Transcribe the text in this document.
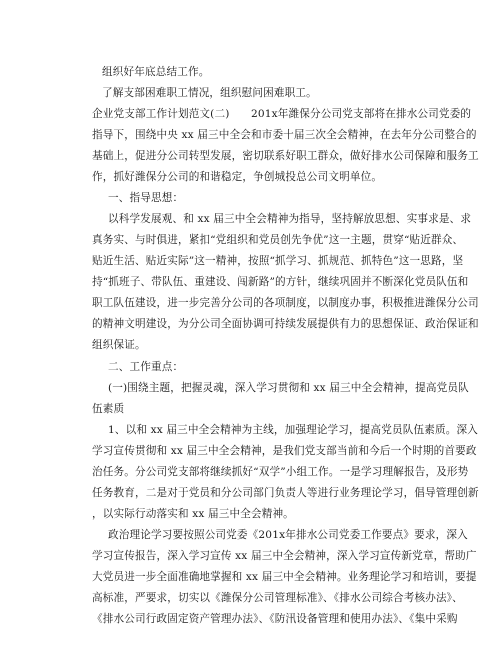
组织好年底总结工作。
了解支部困难职工情况，组织慰问困难职工。
企业党支部工作计划范文(二)　　201x年潍保分公司党支部将在排水公司党委的
指导下，围绕中央 xx 届三中全会和市委十届三次全会精神，在去年分公司整合的
基础上，促进分公司转型发展，密切联系好职工群众，做好排水公司保障和服务工
作，抓好潍保分公司的和谐稳定，争创城投总公司文明单位。
一、指导思想：
以科学发展观、和 xx 届三中全会精神为指导，坚持解放思想、实事求是、求
真务实、与时俱进，紧扣“党组织和党员创先争优”这一主题，贯穿“贴近群众、
贴近生活、贴近实际”这一精神，按照“抓学习、抓规范、抓特色”这一思路，坚
持“抓班子、带队伍、重建设、闯新路”的方针，继续巩固并不断深化党员队伍和
职工队伍建设，进一步完善分公司的各项制度，以制度办事，积极推进潍保分公司
的精神文明建设，为分公司全面协调可持续发展提供有力的思想保证、政治保证和
组织保证。
二、工作重点：
(一)围绕主题，把握灵魂，深入学习贯彻和 xx 届三中全会精神，提高党员队
伍素质
1、以和 xx 届三中全会精神为主线，加强理论学习，提高党员队伍素质。深入
学习宣传贯彻和 xx 届三中全会精神，是我们党支部当前和今后一个时期的首要政
治任务。分公司党支部将继续抓好“双学”小组工作。一是学习理解报告，及形势
任务教育，二是对于党员和分公司部门负责人等进行业务理论学习，倡导管理创新
，以实际行动落实和 xx 届三中全会精神。
政治理论学习要按照公司党委《201x年排水公司党委工作要点》要求，深入
学习宣传报告，深入学习宣传 xx 届三中全会精神，深入学习宣传新党章，帮助广
大党员进一步全面准确地掌握和 xx 届三中全会精神。业务理论学习和培训，要提
高标准，严要求，切实以《潍保分公司管理标准》、《排水公司综合考核办法》、
《排水公司行政固定资产管理办法》、《防汛设备管理和使用办法》、《集中采购
